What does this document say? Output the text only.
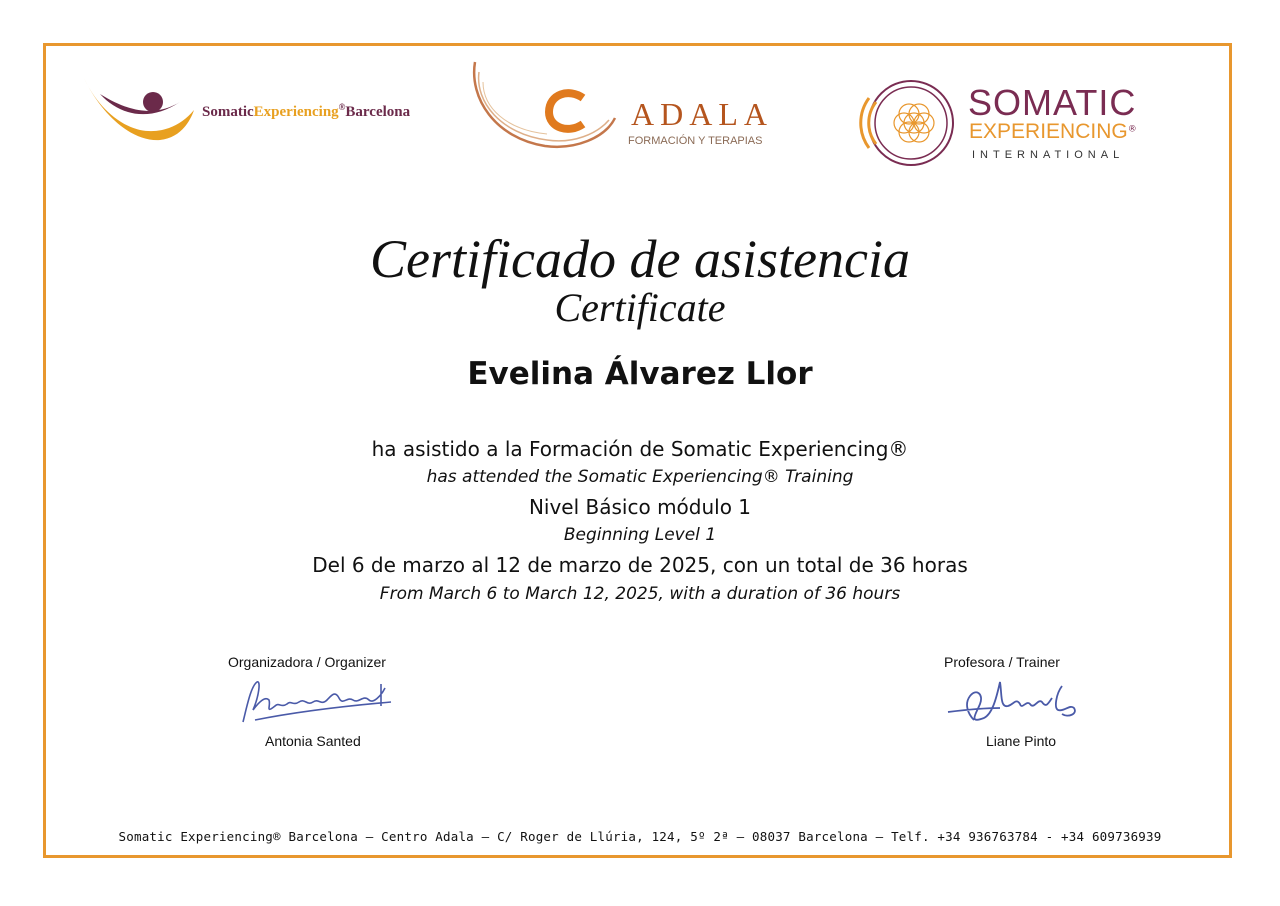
SomaticExperiencing®Barcelona	ADALA
FORMACIÓN Y TERAPIAS
SOMATIC
EXPERIENCING®
INTERNATIONAL
Certificado de asistencia
Certificate
Evelina Álvarez Llor
ha asistido a la Formación de Somatic Experiencing®
has attended the Somatic Experiencing® Training
Nivel Básico módulo 1
Beginning Level 1
Del 6 de marzo al 12 de marzo de 2025, con un total de 36 horas
From March 6 to March 12, 2025, with a duration of 36 hours
Organizadora / Organizer
Antonia Santed
Profesora / Trainer
Liane Pinto
Somatic Experiencing® Barcelona – Centro Adala – C/ Roger de Llúria, 124, 5º 2ª – 08037 Barcelona – Telf. +34 936763784 - +34 609736939
